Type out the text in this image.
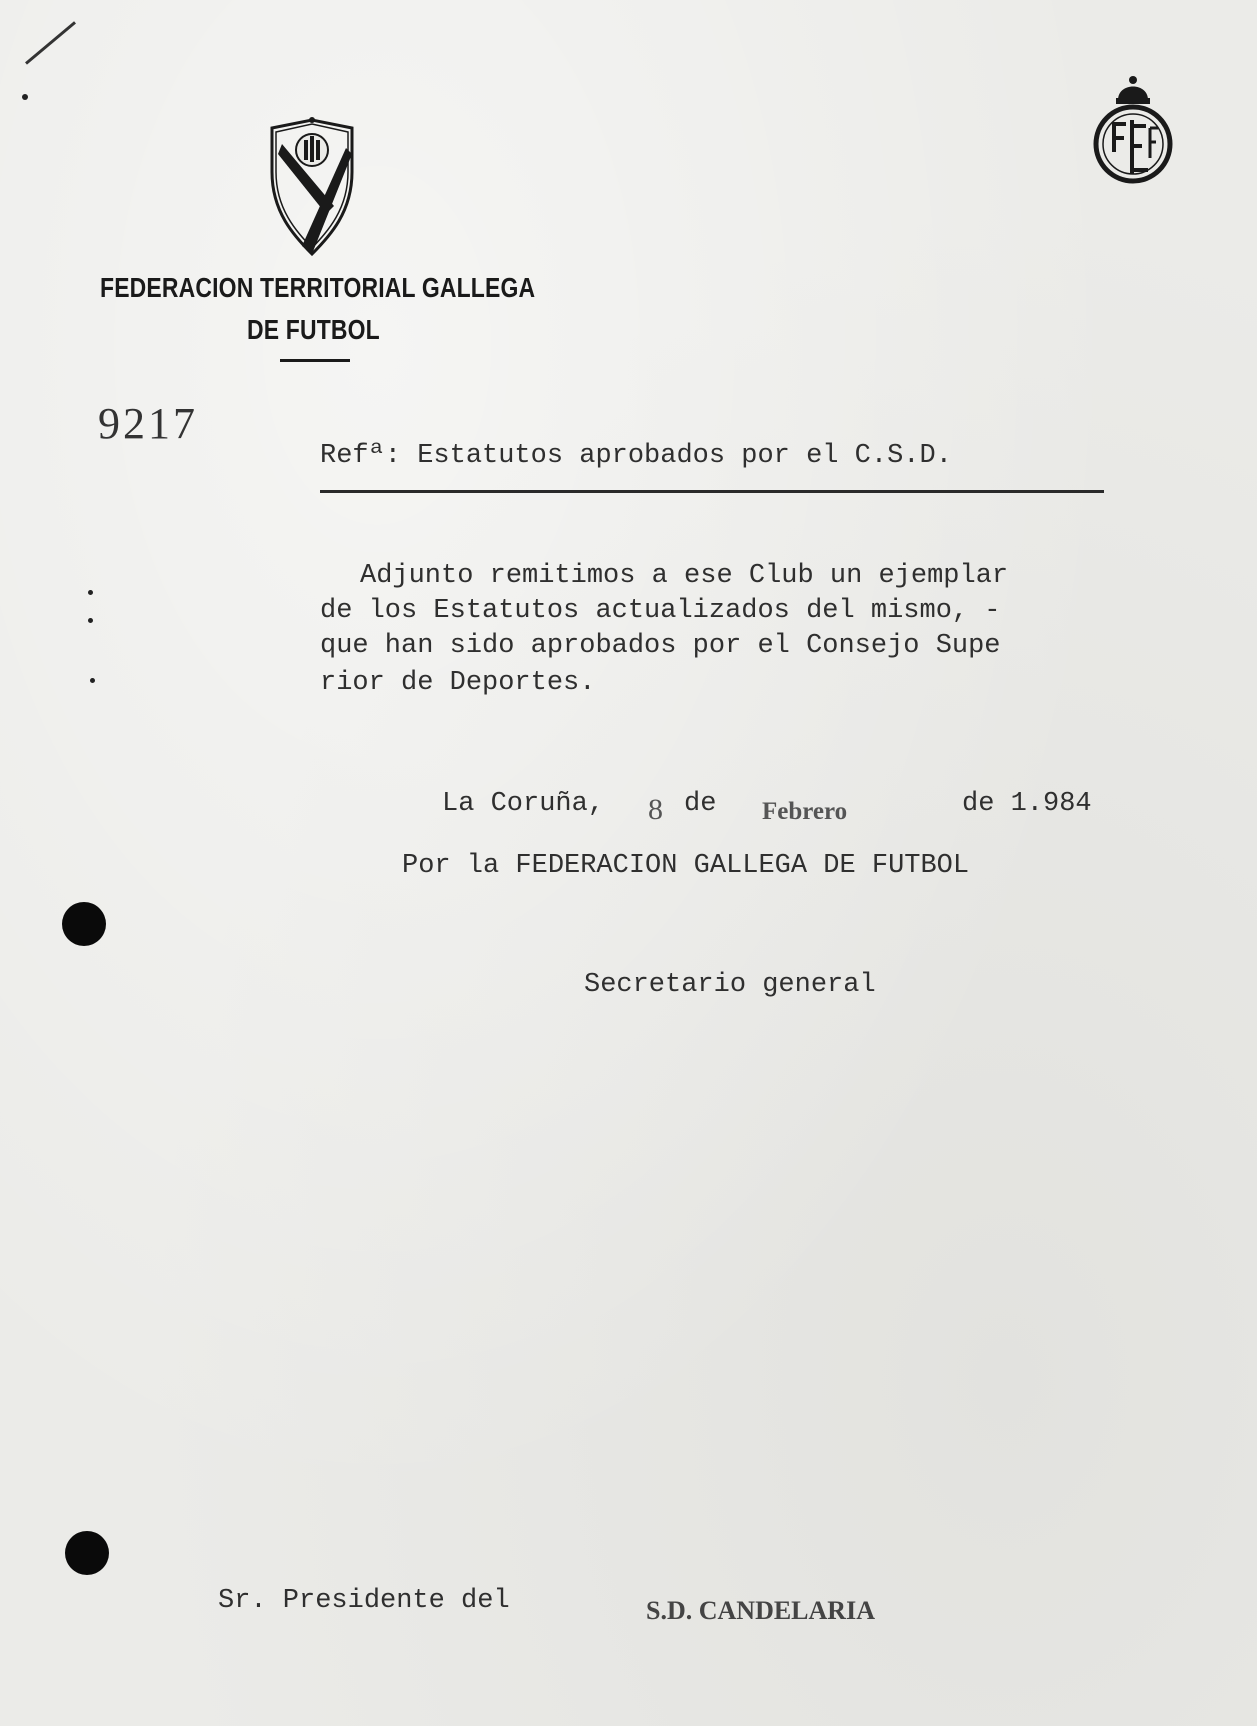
FEDERACION TERRITORIAL GALLEGA
DE FUTBOL
9217
Refª: Estatutos aprobados por el C.S.D.
Adjunto remitimos a ese Club un ejemplar
de los Estatutos actualizados del mismo, -
que han sido aprobados por el Consejo Supe
rior de Deportes.
La Coruña, 8 de Febrero	de 1.984
Por la FEDERACION GALLEGA DE FUTBOL
Secretario general
Sr. Presidente del	S.D. CANDELARIA
